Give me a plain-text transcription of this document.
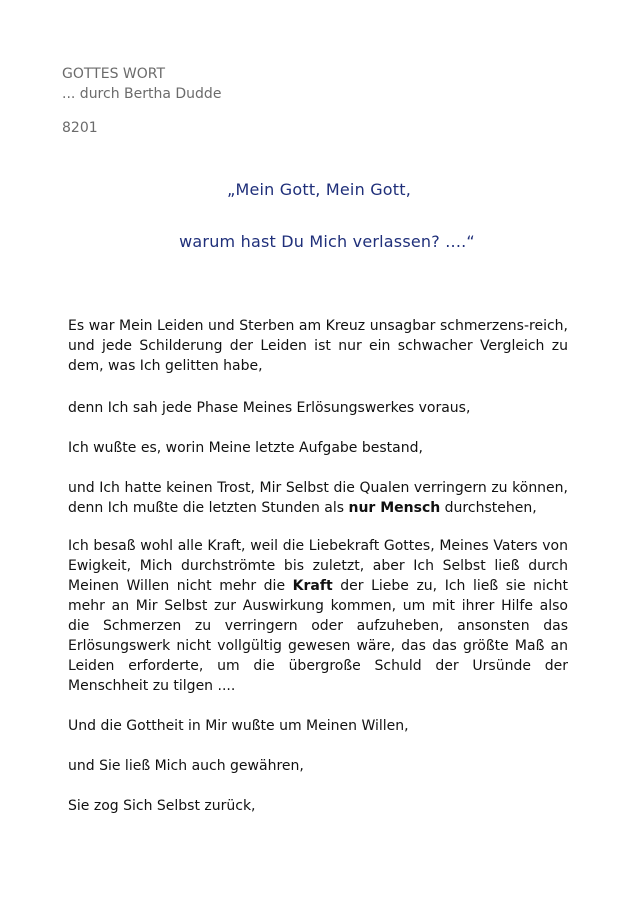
GOTTES WORT
... durch Bertha Dudde
8201
„Mein Gott, Mein Gott,
warum hast Du Mich verlassen? ....“

Es war Mein Leiden und Sterben am Kreuz unsagbar schmerzens-reich, und jede Schilderung der Leiden ist nur ein schwacher Vergleich zu dem, was Ich gelitten habe,

denn Ich sah jede Phase Meines Erlösungswerkes voraus,

Ich wußte es, worin Meine letzte Aufgabe bestand,

und Ich hatte keinen Trost, Mir Selbst die Qualen verringern zu können, denn Ich mußte die letzten Stunden als nur Mensch durchstehen,

Ich besaß wohl alle Kraft, weil die Liebekraft Gottes, Meines Vaters von Ewigkeit, Mich durchströmte bis zuletzt, aber Ich Selbst ließ durch Meinen Willen nicht mehr die Kraft der Liebe zu, Ich ließ sie nicht mehr an Mir Selbst zur Auswirkung kommen, um mit ihrer Hilfe also die Schmerzen zu verringern oder aufzuheben, ansonsten das Erlösungswerk nicht vollgültig gewesen wäre, das das größte Maß an Leiden erforderte, um die übergroße Schuld der Ursünde der Menschheit zu tilgen ....

Und die Gottheit in Mir wußte um Meinen Willen,

und Sie ließ Mich auch gewähren,

Sie zog Sich Selbst zurück,
